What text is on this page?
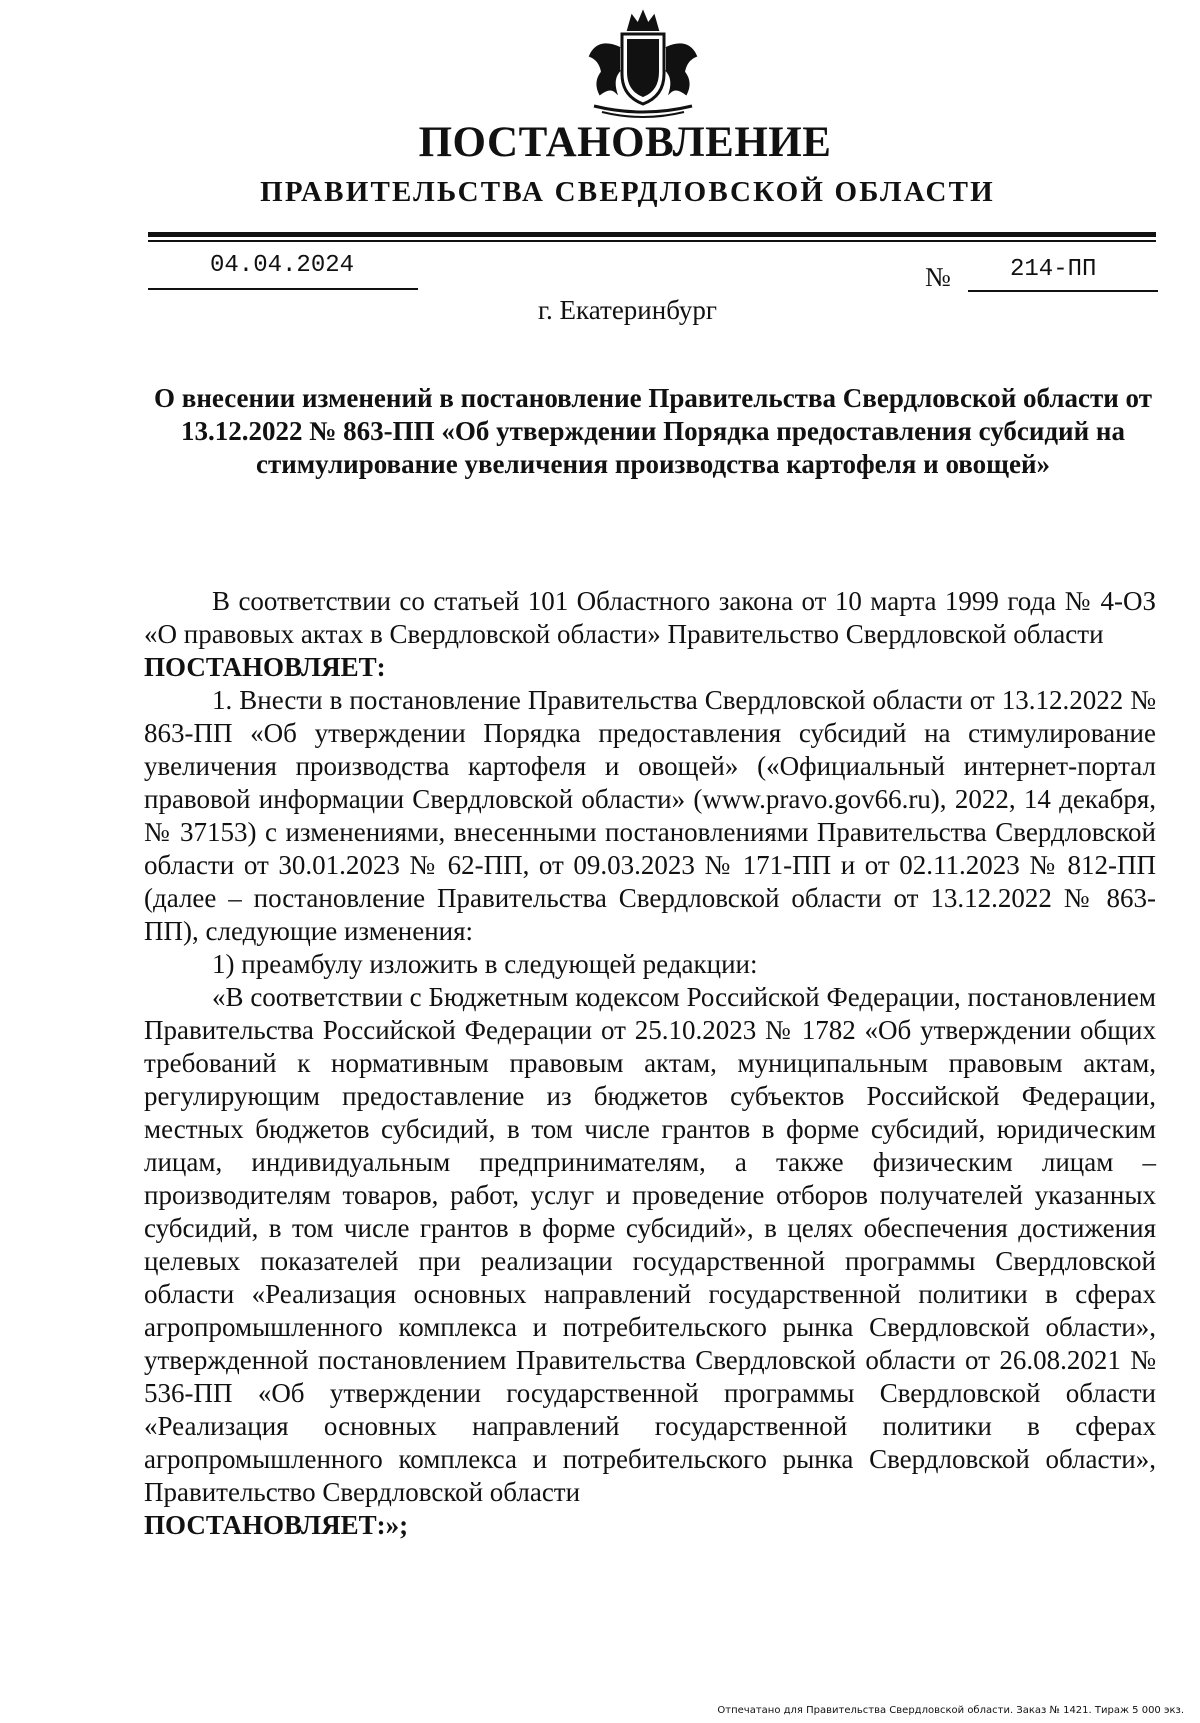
ПОСТАНОВЛЕНИЕ
ПРАВИТЕЛЬСТВА СВЕРДЛОВСКОЙ ОБЛАСТИ
04.04.2024	№ 214-ПП
г. Екатеринбург
О внесении изменений в постановление Правительства Свердловской области от 13.12.2022 № 863-ПП «Об утверждении Порядка предоставления субсидий на стимулирование увеличения производства картофеля и овощей»

В соответствии со статьей 101 Областного закона от 10 марта 1999 года № 4-ОЗ «О правовых актах в Свердловской области» Правительство Свердловской области

ПОСТАНОВЛЯЕТ:

1. Внести в постановление Правительства Свердловской области от 13.12.2022 № 863-ПП «Об утверждении Порядка предоставления субсидий на стимулирование увеличения производства картофеля и овощей» («Официальный интернет-портал правовой информации Свердловской области» (www.pravo.gov66.ru), 2022, 14 декабря, № 37153) с изменениями, внесенными постановлениями Правительства Свердловской области от 30.01.2023 № 62-ПП, от 09.03.2023 № 171-ПП и от 02.11.2023 № 812-ПП (далее – постановление Правительства Свердловской области от 13.12.2022 № 863-ПП), следующие изменения:

1) преамбулу изложить в следующей редакции:

«В соответствии с Бюджетным кодексом Российской Федерации, постановлением Правительства Российской Федерации от 25.10.2023 № 1782 «Об утверждении общих требований к нормативным правовым актам, муниципальным правовым актам, регулирующим предоставление из бюджетов субъектов Российской Федерации, местных бюджетов субсидий, в том числе грантов в форме субсидий, юридическим лицам, индивидуальным предпринимателям, а также физическим лицам – производителям товаров, работ, услуг и проведение отборов получателей указанных субсидий, в том числе грантов в форме субсидий», в целях обеспечения достижения целевых показателей при реализации государственной программы Свердловской области «Реализация основных направлений государственной политики в сферах агропромышленного комплекса и потребительского рынка Свердловской области», утвержденной постановлением Правительства Свердловской области от 26.08.2021 № 536-ПП «Об утверждении государственной программы Свердловской области «Реализация основных направлений государственной политики в сферах агропромышленного комплекса и потребительского рынка Свердловской области», Правительство Свердловской области

ПОСТАНОВЛЯЕТ:»;

Отпечатано для Правительства Свердловской области. Заказ № 1421. Тираж 5 000 экз.
